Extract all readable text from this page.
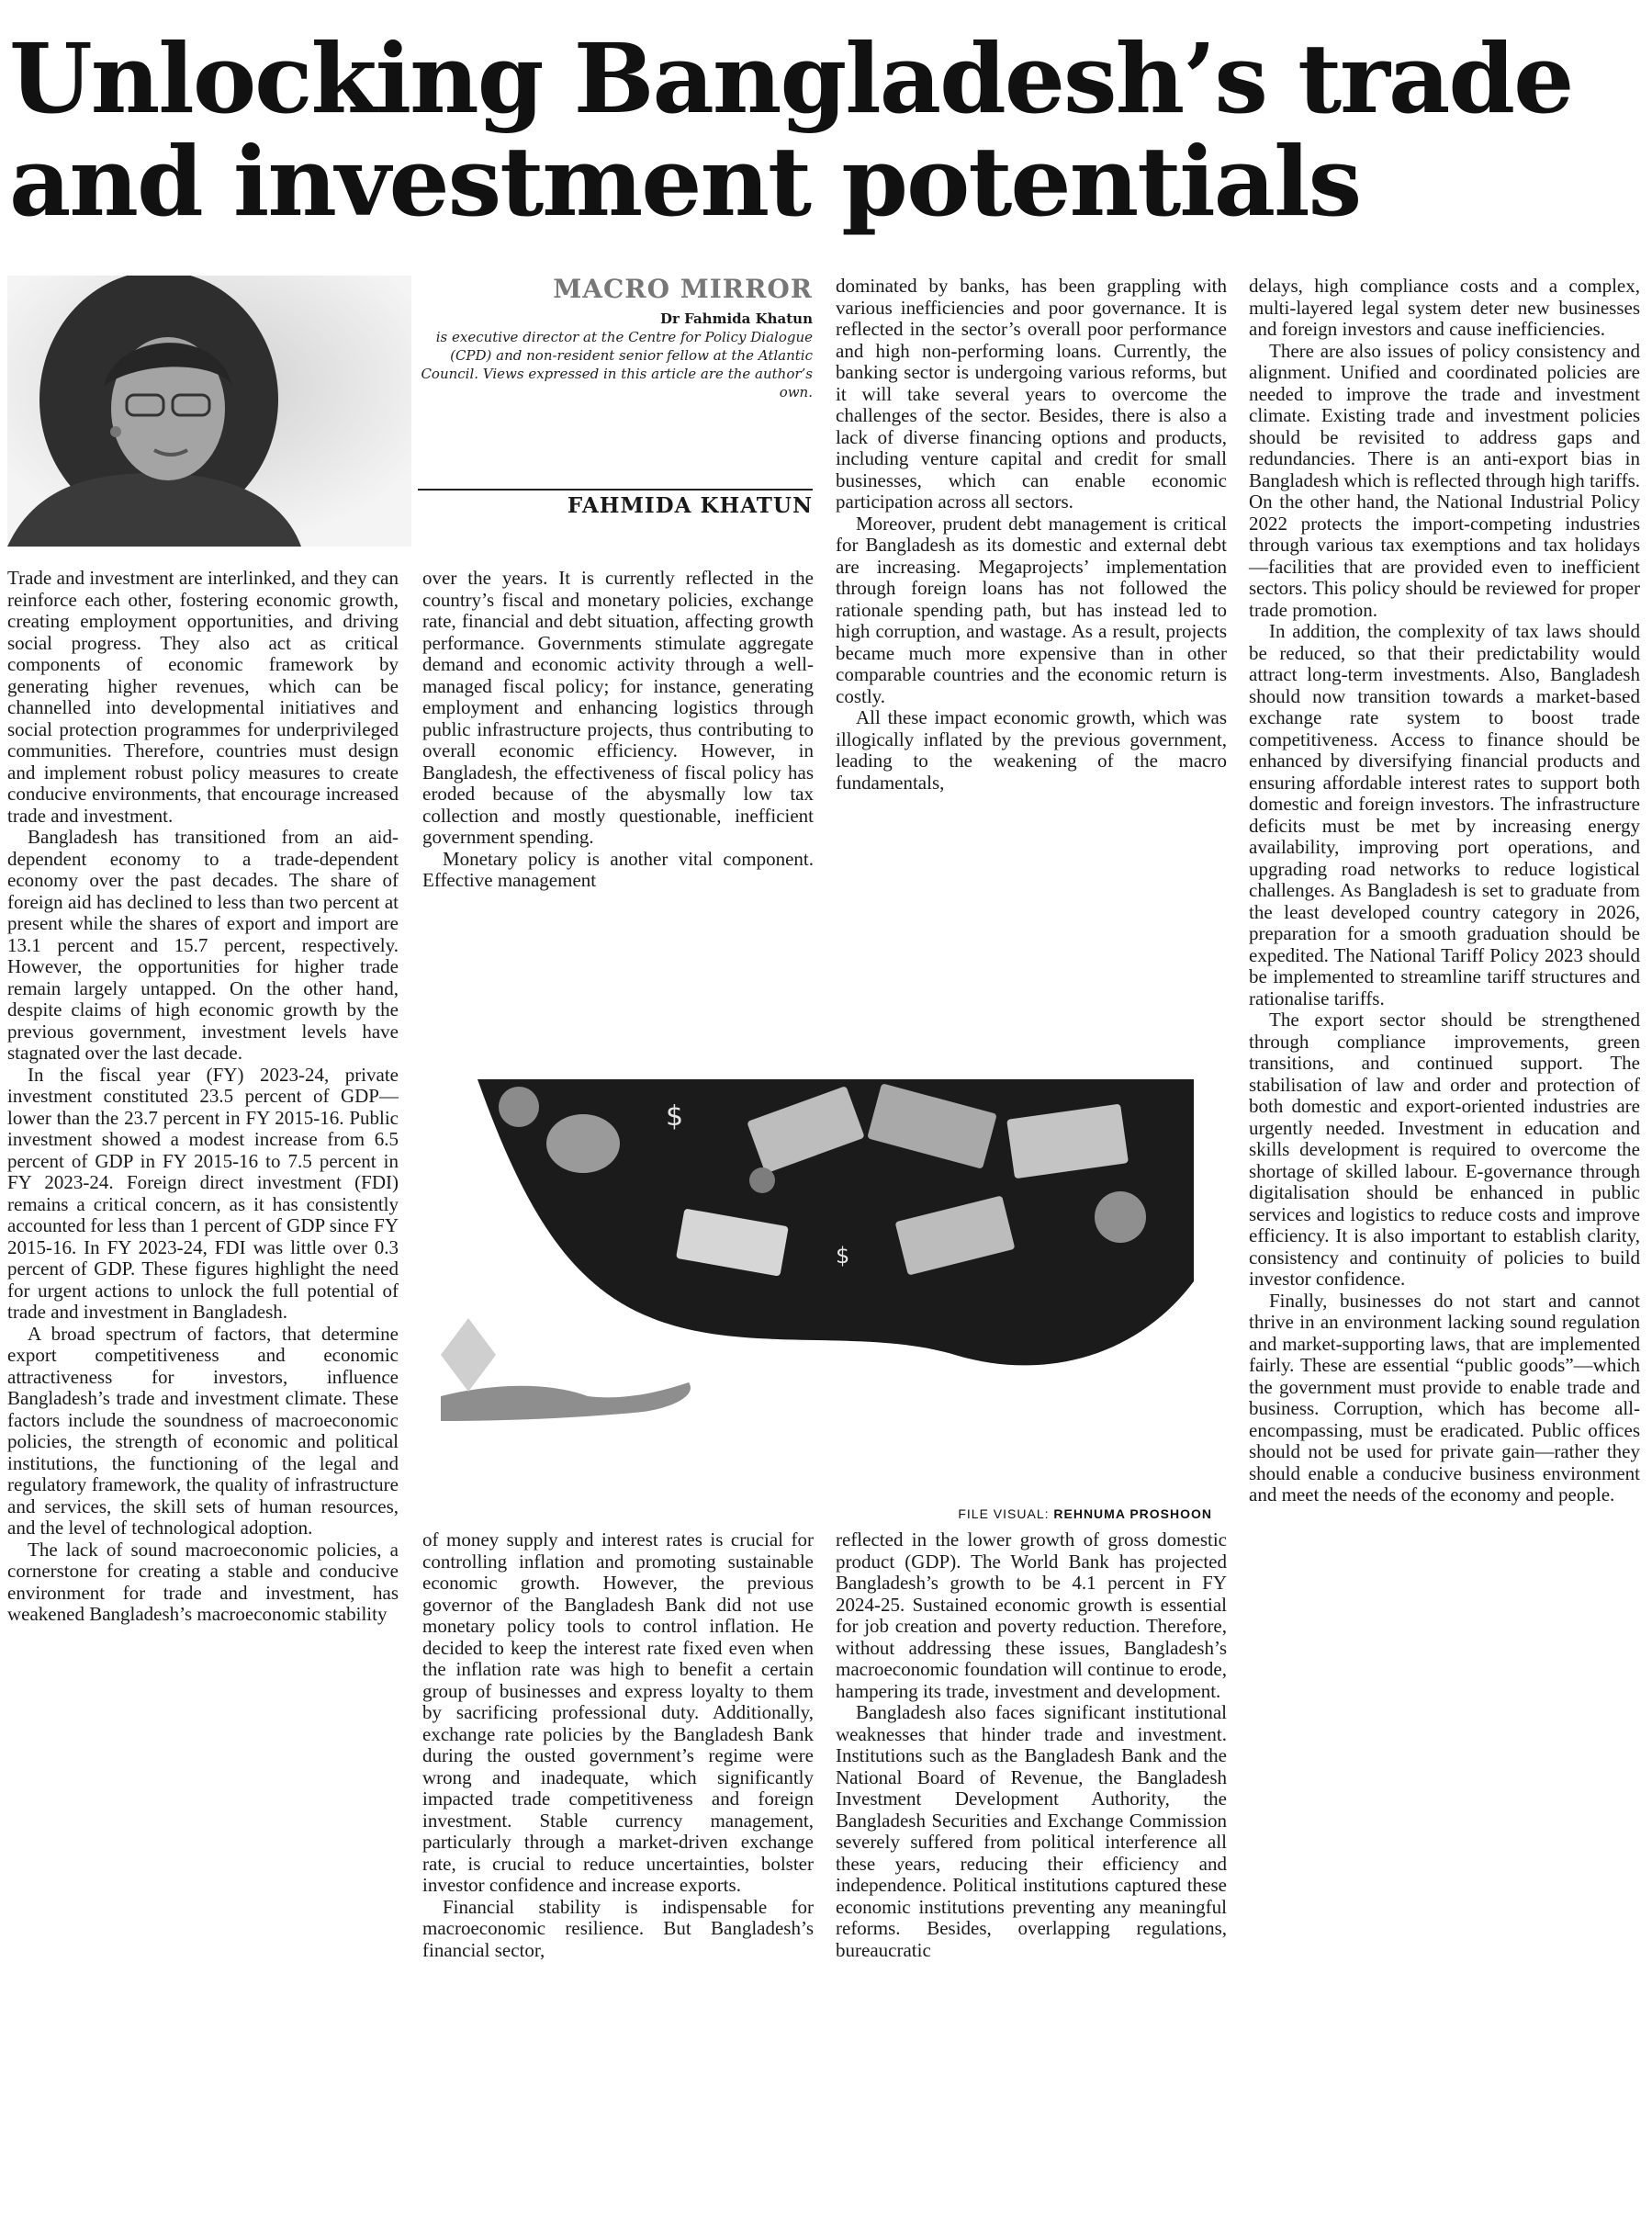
Unlocking Bangladesh’s trade and investment potentials

MACRO MIRROR

Dr Fahmida Khatun

is executive director at the Centre for Policy Dialogue (CPD) and non-resident senior fellow at the Atlantic Council. Views expressed in this article are the author’s own.

FAHMIDA KHATUN

Trade and investment are interlinked, and they can reinforce each other, fostering economic growth, creating employment opportunities, and driving social progress. They also act as critical components of economic framework by generating higher revenues, which can be channelled into developmental initiatives and social protection programmes for underprivileged communities. Therefore, countries must design and implement robust policy measures to create conducive environments, that encourage increased trade and investment.

Bangladesh has transitioned from an aid-dependent economy to a trade-dependent economy over the past decades. The share of foreign aid has declined to less than two percent at present while the shares of export and import are 13.1 percent and 15.7 percent, respectively. However, the opportunities for higher trade remain largely untapped. On the other hand, despite claims of high economic growth by the previous government, investment levels have stagnated over the last decade.

In the fiscal year (FY) 2023-24, private investment constituted 23.5 percent of GDP—lower than the 23.7 percent in FY 2015-16. Public investment showed a modest increase from 6.5 percent of GDP in FY 2015-16 to 7.5 percent in FY 2023-24. Foreign direct investment (FDI) remains a critical concern, as it has consistently accounted for less than 1 percent of GDP since FY 2015-16. In FY 2023-24, FDI was little over 0.3 percent of GDP. These figures highlight the need for urgent actions to unlock the full potential of trade and investment in Bangladesh.

A broad spectrum of factors, that determine export competitiveness and economic attractiveness for investors, influence Bangladesh’s trade and investment climate. These factors include the soundness of macroeconomic policies, the strength of economic and political institutions, the functioning of the legal and regulatory framework, the quality of infrastructure and services, the skill sets of human resources, and the level of technological adoption.

The lack of sound macroeconomic policies, a cornerstone for creating a stable and conducive environment for trade and investment, has weakened Bangladesh’s macroeconomic stability

over the years. It is currently reflected in the country’s fiscal and monetary policies, exchange rate, financial and debt situation, affecting growth performance. Governments stimulate aggregate demand and economic activity through a well-managed fiscal policy; for instance, generating employment and enhancing logistics through public infrastructure projects, thus contributing to overall economic efficiency. However, in Bangladesh, the effectiveness of fiscal policy has eroded because of the abysmally low tax collection and mostly questionable, inefficient government spending.

Monetary policy is another vital component. Effective management

dominated by banks, has been grappling with various inefficiencies and poor governance. It is reflected in the sector’s overall poor performance and high non-performing loans. Currently, the banking sector is undergoing various reforms, but it will take several years to overcome the challenges of the sector. Besides, there is also a lack of diverse financing options and products, including venture capital and credit for small businesses, which can enable economic participation across all sectors.

Moreover, prudent debt management is critical for Bangladesh as its domestic and external debt are increasing. Megaprojects’ implementation through foreign loans has not followed the rationale spending path, but has instead led to high corruption, and wastage. As a result, projects became much more expensive than in other comparable countries and the economic return is costly.

All these impact economic growth, which was illogically inflated by the previous government, leading to the weakening of the macro fundamentals,

$
$

FILE VISUAL: REHNUMA PROSHOON

of money supply and interest rates is crucial for controlling inflation and promoting sustainable economic growth. However, the previous governor of the Bangladesh Bank did not use monetary policy tools to control inflation. He decided to keep the interest rate fixed even when the inflation rate was high to benefit a certain group of businesses and express loyalty to them by sacrificing professional duty. Additionally, exchange rate policies by the Bangladesh Bank during the ousted government’s regime were wrong and inadequate, which significantly impacted trade competitiveness and foreign investment. Stable currency management, particularly through a market-driven exchange rate, is crucial to reduce uncertainties, bolster investor confidence and increase exports.

Financial stability is indispensable for macroeconomic resilience. But Bangladesh’s financial sector,

reflected in the lower growth of gross domestic product (GDP). The World Bank has projected Bangladesh’s growth to be 4.1 percent in FY 2024-25. Sustained economic growth is essential for job creation and poverty reduction. Therefore, without addressing these issues, Bangladesh’s macroeconomic foundation will continue to erode, hampering its trade, investment and development.

Bangladesh also faces significant institutional weaknesses that hinder trade and investment. Institutions such as the Bangladesh Bank and the National Board of Revenue, the Bangladesh Investment Development Authority, the Bangladesh Securities and Exchange Commission severely suffered from political interference all these years, reducing their efficiency and independence. Political institutions captured these economic institutions preventing any meaningful reforms. Besides, overlapping regulations, bureaucratic

delays, high compliance costs and a complex, multi-layered legal system deter new businesses and foreign investors and cause inefficiencies.

There are also issues of policy consistency and alignment. Unified and coordinated policies are needed to improve the trade and investment climate. Existing trade and investment policies should be revisited to address gaps and redundancies. There is an anti-export bias in Bangladesh which is reflected through high tariffs. On the other hand, the National Industrial Policy 2022 protects the import-competing industries through various tax exemptions and tax holidays—facilities that are provided even to inefficient sectors. This policy should be reviewed for proper trade promotion.

In addition, the complexity of tax laws should be reduced, so that their predictability would attract long-term investments. Also, Bangladesh should now transition towards a market-based exchange rate system to boost trade competitiveness. Access to finance should be enhanced by diversifying financial products and ensuring affordable interest rates to support both domestic and foreign investors. The infrastructure deficits must be met by increasing energy availability, improving port operations, and upgrading road networks to reduce logistical challenges. As Bangladesh is set to graduate from the least developed country category in 2026, preparation for a smooth graduation should be expedited. The National Tariff Policy 2023 should be implemented to streamline tariff structures and rationalise tariffs.

The export sector should be strengthened through compliance improvements, green transitions, and continued support. The stabilisation of law and order and protection of both domestic and export-oriented industries are urgently needed. Investment in education and skills development is required to overcome the shortage of skilled labour. E-governance through digitalisation should be enhanced in public services and logistics to reduce costs and improve efficiency. It is also important to establish clarity, consistency and continuity of policies to build investor confidence.

Finally, businesses do not start and cannot thrive in an environment lacking sound regulation and market-supporting laws, that are implemented fairly. These are essential “public goods”—which the government must provide to enable trade and business. Corruption, which has become all-encompassing, must be eradicated. Public offices should not be used for private gain—rather they should enable a conducive business environment and meet the needs of the economy and people.
